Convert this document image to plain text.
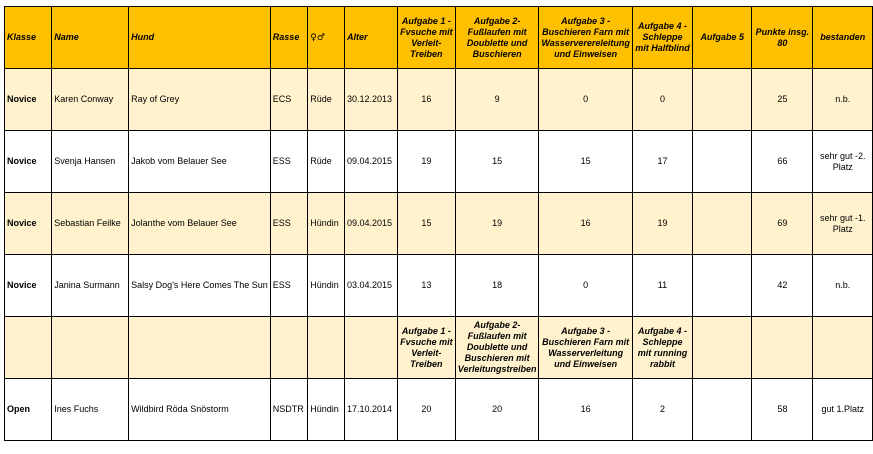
Klasse	Name	Hund	Rasse	♀♂	Alter	Aufgabe 1 - Fvsuche mit Verleit-Treiben	Aufgabe 2-Fußlaufen mit Doublette und Buschieren	Aufgabe 3 - Buschieren Farn mit Wasserverereleitung und Einweisen	Aufgabe 4 - Schleppe mit Halfblind	Aufgabe 5	Punkte insg. 80	bestanden
Novice	Karen Conway	Ray of Grey	ECS	Rüde	30.12.2013	16	9	0	0		25	n.b.
Novice	Svenja Hansen	Jakob vom Belauer See	ESS	Rüde	09.04.2015	19	15	15	17		66	sehr gut -2. Platz
Novice	Sebastian Feilke	Jolanthe vom Belauer See	ESS	Hündin	09.04.2015	15	19	16	19		69	sehr gut -1. Platz
Novice	Janina Surmann	Salsy Dog's Here Comes The Sun	ESS	Hündin	03.04.2015	13	18	0	11		42	n.b.
						Aufgabe 1 - Fvsuche mit Verleit-Treiben	Aufgabe 2-Fußlaufen mit Doublette und Buschieren mit Verleitungstreiben	Aufgabe 3 - Buschieren Farn mit Wasserverleitung und Einweisen	Aufgabe 4 - Schleppe mit running rabbit			
Open	Ines Fuchs	Wildbird Röda Snöstorm	NSDTR	Hündin	17.10.2014	20	20	16	2		58	gut 1.Platz
